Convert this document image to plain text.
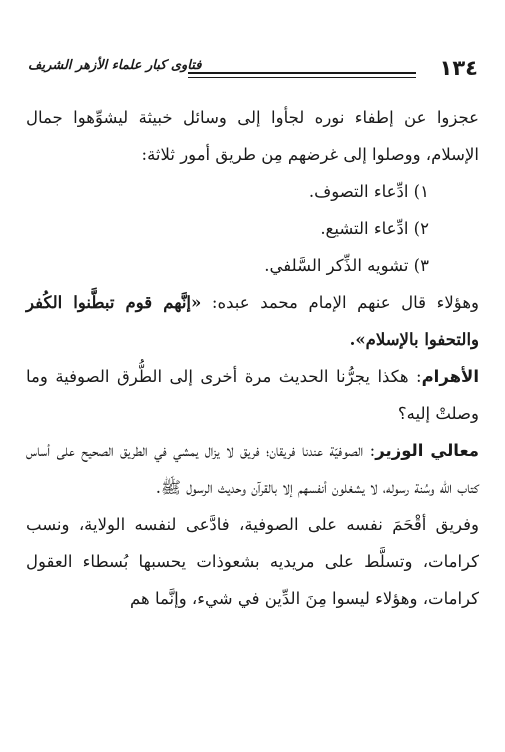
١٣٤
فتاوى كبار علماء الأزهر الشريف

عجزوا عن إطفاء نوره لجأوا إلى وسائل خبيثة ليشوِّهوا جمال الإسلام، ووصلوا إلى غرضهم مِن طريق أمور ثلاثة:

١) ادِّعاء التصوف.
٢) ادِّعاء التشيع.
٣) تشويه الذِّكر السَّلفي.

وهؤلاء قال عنهم الإمام محمد عبده: «إنَّهم قوم تبطَّنوا الكُفر والتحفوا بالإسلام».

الأهرام: هكذا يجرُّنا الحديث مرة أخرى إلى الطُّرق الصوفية وما وصلتْ إليه؟

معالي الوزير: الصوفيّة عندنا فريقان؛ فريق لا يزال يمشي في الطريق الصحيح على أساس كتاب الله وسُنة رسوله، لا يشغلون أنفسهم إلا بالقرآن وحديث الرسول ﷺ.

وفريق أقْحَمَ نفسه على الصوفية، فادَّعى لنفسه الولاية، ونسب كرامات، وتسلَّط على مريديه بشعوذات يحسبها بُسطاء العقول كرامات، وهؤلاء ليسوا مِنَ الدِّين في شيء، وإنَّما هم
